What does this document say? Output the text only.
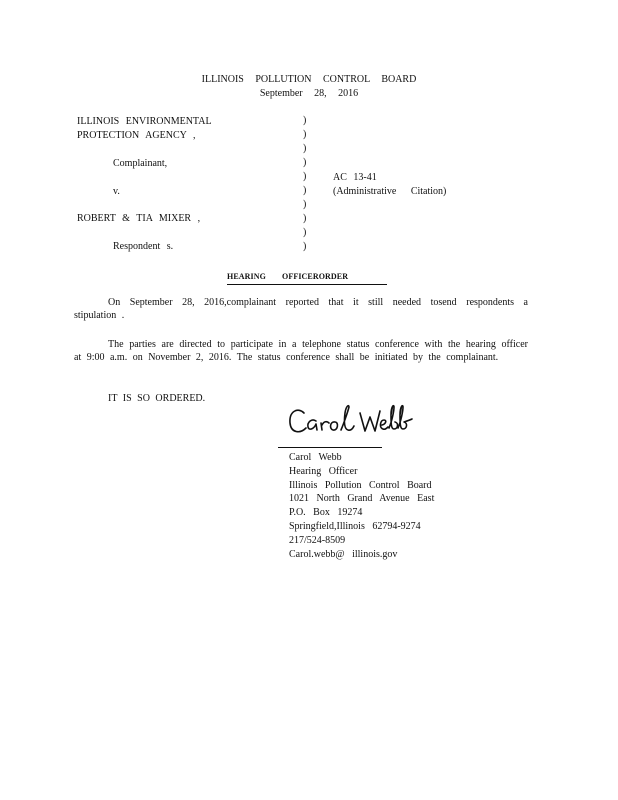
ILLINOIS POLLUTION CONTROL BOARD
September 28, 2016
ILLINOIS ENVIRONMENTAL
PROTECTION AGENCY ,
Complainant,
v.
ROBERT & TIA MIXER ,
Respondent s.
)
)
)
)
)
)
)
)
)
)
AC 13-41
(Administrative Citation)
HEARING OFFICERORDER
On September 28, 2016,complainant reported that it still needed tosend respondents a stipulation .
The parties are directed to participate in a telephone status conference with the hearing officer at 9:00 a.m. on November 2, 2016. The status conference shall be initiated by the complainant.
IT IS SO ORDERED.
Carol Webb
Hearing Officer
Illinois Pollution Control Board
1021 North Grand Avenue East
P.O. Box 19274
Springfield,Illinois 62794-9274
217/524-8509
Carol.webb@ illinois.gov
